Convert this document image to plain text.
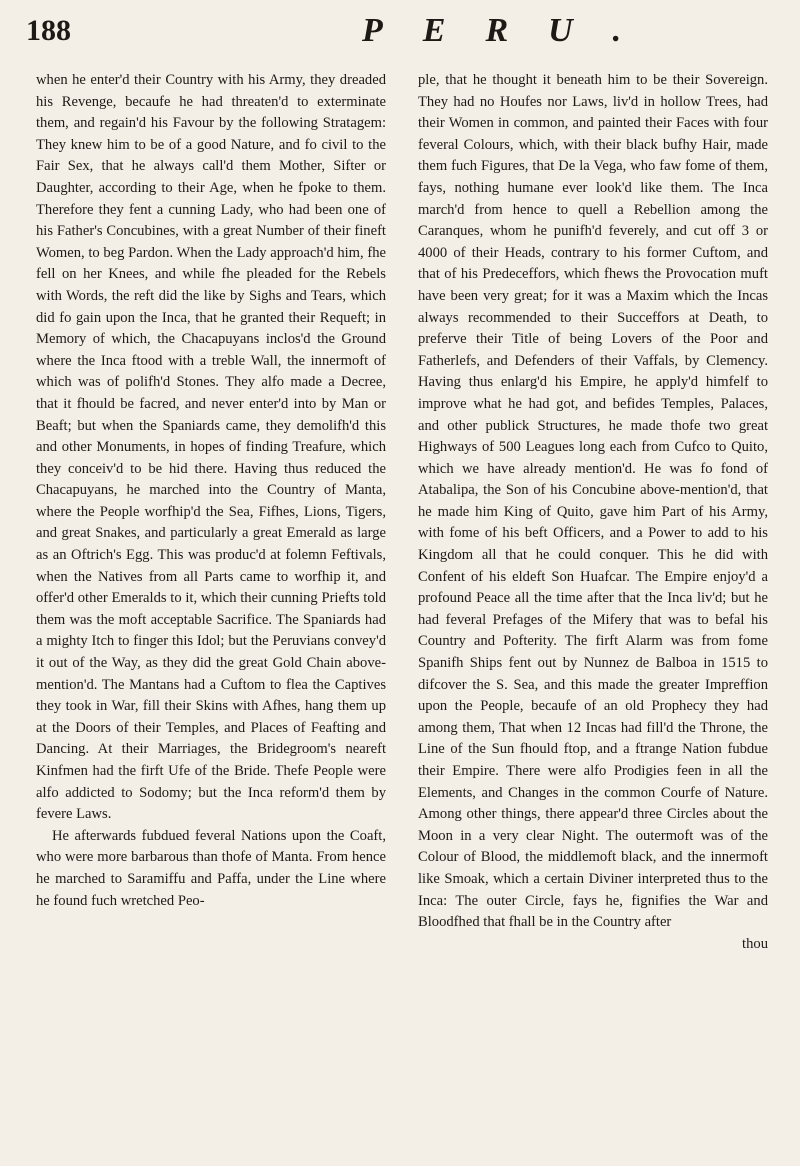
188	PERU.

when he enter'd their Country with his Army, they dreaded his Revenge, becaufe he had threaten'd to exterminate them, and regain'd his Favour by the following Stratagem: They knew him to be of a good Nature, and fo civil to the Fair Sex, that he always call'd them Mother, Sifter or Daughter, according to their Age, when he fpoke to them. Therefore they fent a cunning Lady, who had been one of his Father's Concubines, with a great Number of their fineft Women, to beg Pardon. When the Lady approach'd him, fhe fell on her Knees, and while fhe pleaded for the Rebels with Words, the reft did the like by Sighs and Tears, which did fo gain upon the Inca, that he granted their Requeft; in Memory of which, the Chacapuyans inclos'd the Ground where the Inca ftood with a treble Wall, the innermoft of which was of polifh'd Stones. They alfo made a Decree, that it fhould be facred, and never enter'd into by Man or Beaft; but when the Spaniards came, they demolifh'd this and other Monuments, in hopes of finding Treafure, which they conceiv'd to be hid there. Having thus reduced the Chacapuyans, he marched into the Country of Manta, where the People worfhip'd the Sea, Fifhes, Lions, Tigers, and great Snakes, and particularly a great Emerald as large as an Oftrich's Egg. This was produc'd at folemn Feftivals, when the Natives from all Parts came to worfhip it, and offer'd other Emeralds to it, which their cunning Priefts told them was the moft acceptable Sacrifice. The Spaniards had a mighty Itch to finger this Idol; but the Peruvians convey'd it out of the Way, as they did the great Gold Chain above-mention'd. The Mantans had a Cuftom to flea the Captives they took in War, fill their Skins with Afhes, hang them up at the Doors of their Temples, and Places of Feafting and Dancing. At their Marriages, the Bridegroom's neareft Kinfmen had the firft Ufe of the Bride. Thefe People were alfo addicted to Sodomy; but the Inca reform'd them by fevere Laws.

He afterwards fubdued feveral Nations upon the Coaft, who were more barbarous than thofe of Manta. From hence he marched to Saramiffu and Paffa, under the Line where he found fuch wretched Peo-

ple, that he thought it beneath him to be their Sovereign. They had no Houfes nor Laws, liv'd in hollow Trees, had their Women in common, and painted their Faces with four feveral Colours, which, with their black bufhy Hair, made them fuch Figures, that De la Vega, who faw fome of them, fays, nothing humane ever look'd like them. The Inca march'd from hence to quell a Rebellion among the Caranques, whom he punifh'd feverely, and cut off 3 or 4000 of their Heads, contrary to his former Cuftom, and that of his Predeceffors, which fhews the Provocation muft have been very great; for it was a Maxim which the Incas always recommended to their Succeffors at Death, to preferve their Title of being Lovers of the Poor and Fatherlefs, and Defenders of their Vaffals, by Clemency. Having thus enlarg'd his Empire, he apply'd himfelf to improve what he had got, and befides Temples, Palaces, and other publick Structures, he made thofe two great Highways of 500 Leagues long each from Cufco to Quito, which we have already mention'd. He was fo fond of Atabalipa, the Son of his Concubine above-mention'd, that he made him King of Quito, gave him Part of his Army, with fome of his beft Officers, and a Power to add to his Kingdom all that he could conquer. This he did with Confent of his eldeft Son Huafcar. The Empire enjoy'd a profound Peace all the time after that the Inca liv'd; but he had feveral Prefages of the Mifery that was to befal his Country and Pofterity. The firft Alarm was from fome Spanifh Ships fent out by Nunnez de Balboa in 1515 to difcover the S. Sea, and this made the greater Impreffion upon the People, becaufe of an old Prophecy they had among them, That when 12 Incas had fill'd the Throne, the Line of the Sun fhould ftop, and a ftrange Nation fubdue their Empire. There were alfo Prodigies feen in all the Elements, and Changes in the common Courfe of Nature. Among other things, there appear'd three Circles about the Moon in a very clear Night. The outermoft was of the Colour of Blood, the middlemoft black, and the innermoft like Smoak, which a certain Diviner interpreted thus to the Inca: The outer Circle, fays he, fignifies the War and Bloodfhed that fhall be in the Country after

thou
